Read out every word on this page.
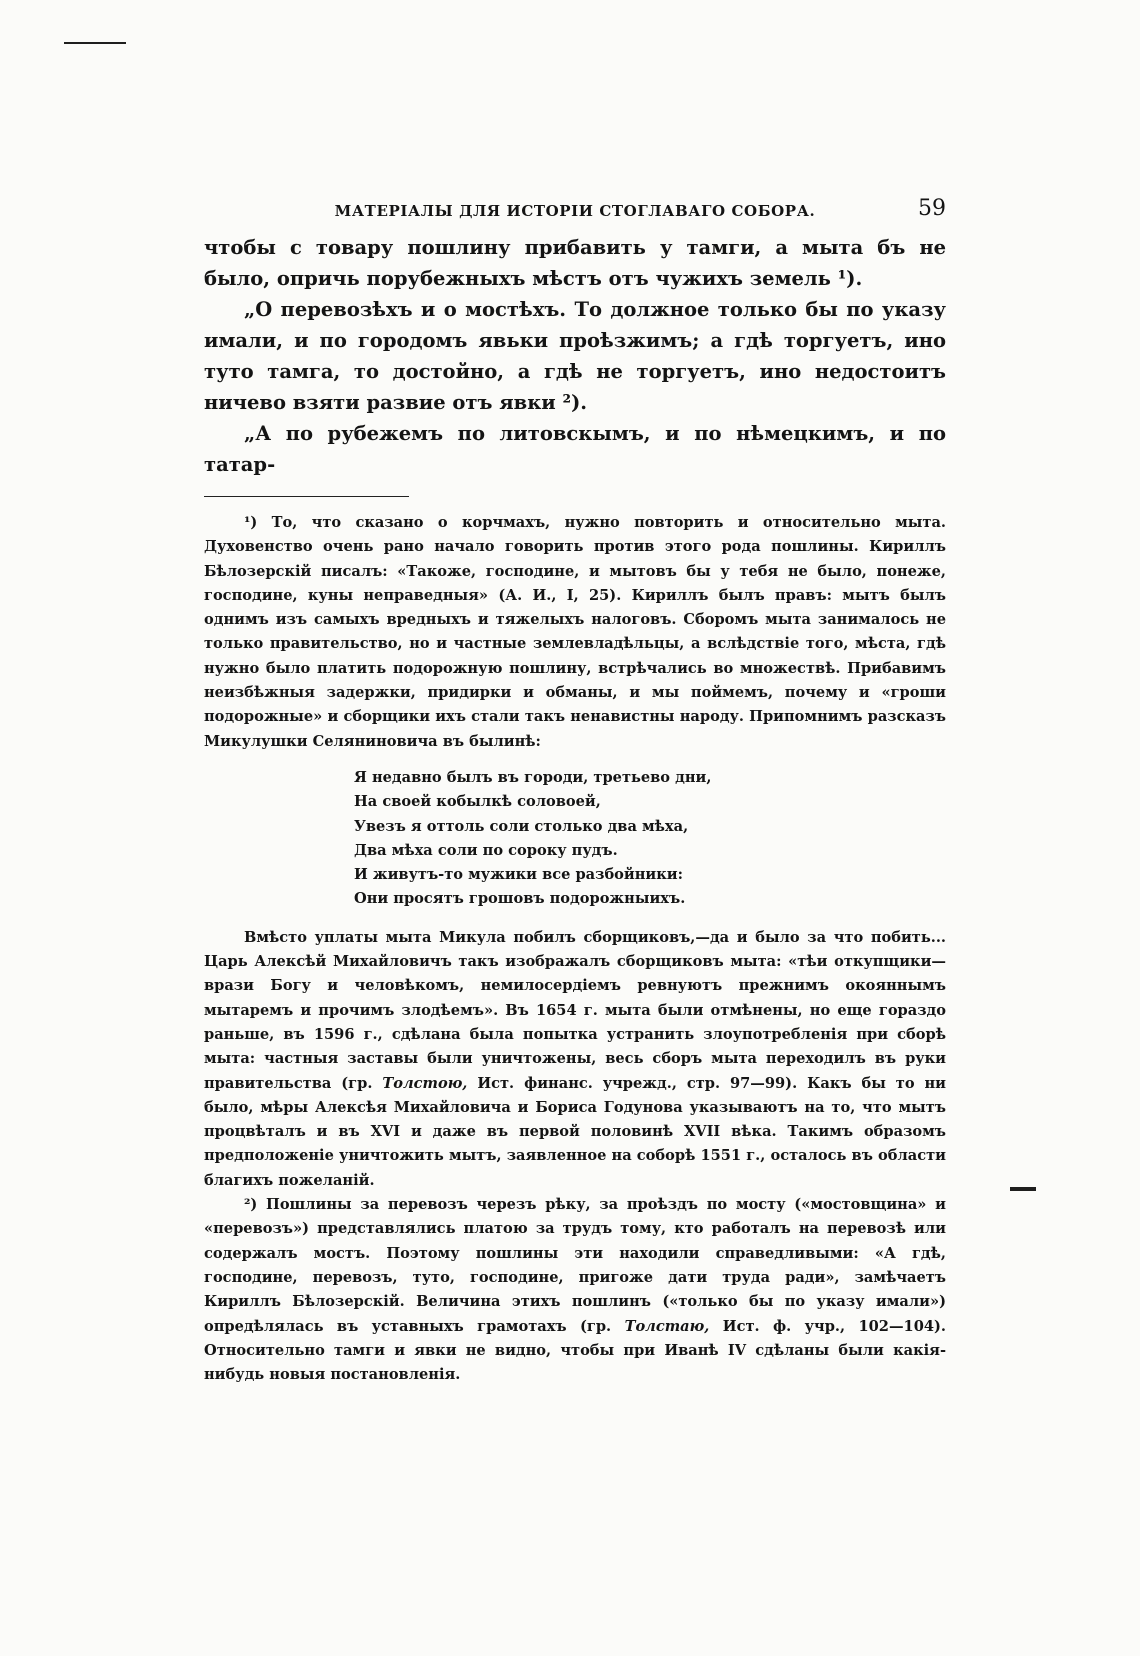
МАТЕРІАЛЫ ДЛЯ ИСТОРІИ СТОГЛАВАГО СОБОРА.	59

чтобы с товару пошлину прибавить у тамги, а мыта бъ не было, опричь порубежныхъ мѣстъ отъ чужихъ земель ¹).

„О перевозѣхъ и о мостѣхъ. То должное только бы по указу имали, и по городомъ явьки проѣзжимъ; а гдѣ торгуетъ, ино туто тамга, то достойно, а гдѣ не торгуетъ, ино недостоитъ ничево взяти развие отъ явки ²).

„А по рубежемъ по литовскымъ, и по нѣмецкимъ, и по татар-

¹) То, что сказано о корчмахъ, нужно повторить и относительно мыта. Духовенство очень рано начало говорить против этого рода пошлины. Кириллъ Бѣлозерскій писалъ: «Такоже, господине, и мытовъ бы у тебя не было, понеже, господине, куны неправедныя» (А. И., I, 25). Кириллъ былъ правъ: мытъ былъ однимъ изъ самыхъ вредныхъ и тяжелыхъ налоговъ. Сборомъ мыта занималось не только правительство, но и частные землевладѣльцы, а вслѣдствіе того, мѣста, гдѣ нужно было платить подорожную пошлину, встрѣчались во множествѣ. Прибавимъ неизбѣжныя задержки, придирки и обманы, и мы поймемъ, почему и «гроши подорожные» и сборщики ихъ стали такъ ненавистны народу. Припомнимъ разсказъ Микулушки Селяниновича въ былинѣ:

Я недавно былъ въ городи, третьево дни,
На своей кобылкѣ соловоей,
Увезъ я оттоль соли столько два мѣха,
Два мѣха соли по сороку пудъ.
И живутъ-то мужики все разбойники:
Они просятъ грошовъ подорожныихъ.

Вмѣсто уплаты мыта Микула побилъ сборщиковъ,—да и было за что побить... Царь Алексѣй Михайловичъ такъ изображалъ сборщиковъ мыта: «тѣи откупщики—врази Богу и человѣкомъ, немилосердіемъ ревнуютъ прежнимъ окояннымъ мытаремъ и прочимъ злодѣемъ». Въ 1654 г. мыта были отмѣнены, но еще гораздо раньше, въ 1596 г., сдѣлана была попытка устранить злоупотребленія при сборѣ мыта: частныя заставы были уничтожены, весь сборъ мыта переходилъ въ руки правительства (гр. Толстою, Ист. финанс. учрежд., стр. 97—99). Какъ бы то ни было, мѣры Алексѣя Михайловича и Бориса Годунова указываютъ на то, что мытъ процвѣталъ и въ XVI и даже въ первой половинѣ XVII вѣка. Такимъ образомъ предположеніе уничтожить мытъ, заявленное на соборѣ 1551 г., осталось въ области благихъ пожеланій.

²) Пошлины за перевозъ черезъ рѣку, за проѣздъ по мосту («мостовщина» и «перевозъ») представлялись платою за трудъ тому, кто работалъ на перевозѣ или содержалъ мостъ. Поэтому пошлины эти находили справедливыми: «А гдѣ, господине, перевозъ, туто, господине, пригоже дати труда ради», замѣчаетъ Кириллъ Бѣлозерскій. Величина этихъ пошлинъ («только бы по указу имали») опредѣлялась въ уставныхъ грамотахъ (гр. Толстаю, Ист. ф. учр., 102—104). Относительно тамги и явки не видно, чтобы при Иванѣ IV сдѣланы были какія-нибудь новыя постановленія.
